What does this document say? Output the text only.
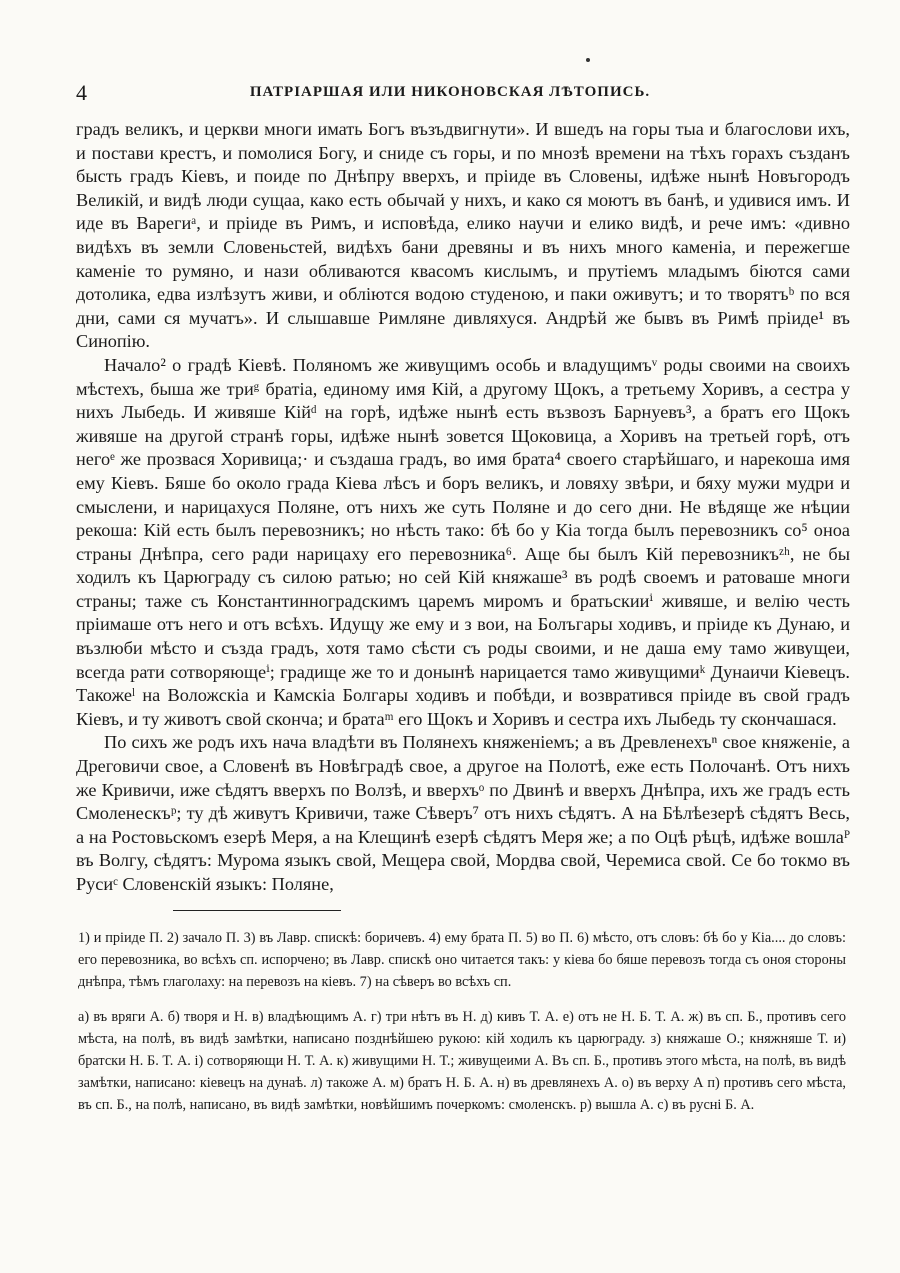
4	ПАТРІАРШАЯ ИЛИ НИКОНОВСКАЯ ЛѢТОПИСЬ.

градъ великъ, и церкви многи имать Богъ възъдвигнути». И вшедъ на горы тыа и благослови ихъ, и постави крестъ, и помолися Богу, и сниде съ горы, и по мнозѣ времени на тѣхъ горахъ създанъ бысть градъ Кіевъ, и поиде по Днѣпру вверхъ, и пріиде въ Словены, идѣже нынѣ Новъгородъ Великій, и видѣ люди сущаа, како есть обычай у нихъ, и како ся моютъ въ банѣ, и удивися имъ. И иде въ Варегиᵃ, и пріиде въ Римъ, и исповѣда, елико научи и елико видѣ, и рече имъ: «дивно видѣхъ въ земли Словеньстей, видѣхъ бани древяны и въ нихъ много каменіа, и пережегше каменіе то румяно, и нази обливаются квасомъ кислымъ, и прутіемъ младымъ біются сами дотолика, едва излѣзутъ живи, и обліются водою студеною, и паки оживутъ; и то творятъᵇ по вся дни, сами ся мучатъ». И слышавше Римляне дивляхуся. Андрѣй же бывъ въ Римѣ пріиде¹ въ Синопію.

Начало² о градѣ Кіевѣ. Поляномъ же живущимъ особь и владущимъᵛ роды своими на своихъ мѣстехъ, быша же триᵍ братіа, единому имя Кій, а другому Щокъ, а третьему Хоривъ, а сестра у нихъ Лыбедь. И живяше Кійᵈ на горѣ, идѣже нынѣ есть възвозъ Барнуевъ³, а братъ его Щокъ живяше на другой странѣ горы, идѣже нынѣ зовется Щоковица, а Хоривъ на третьей горѣ, отъ негоᵉ же прозвася Хоривица;· и създаша градъ, во имя брата⁴ своего старѣйшаго, и нарекоша имя ему Кіевъ. Бяше бо около града Кіева лѣсъ и боръ великъ, и ловяху звѣри, и бяху мужи мудри и смыслени, и нарицахуся Поляне, отъ нихъ же суть Поляне и до сего дни. Не вѣдяще же нѣции рекоша: Кій есть былъ перевозникъ; но нѣсть тако: бѣ бо у Кіа тогда былъ перевозникъ со⁵ оноа страны Днѣпра, сего ради нарицаху его перевозника⁶. Аще бы былъ Кій перевозникъᶻʰ, не бы ходилъ къ Царюграду съ силою ратью; но сей Кій княжаше³ въ родѣ своемъ и ратоваше многи страны; таже съ Константинноградскимъ царемъ миромъ и братьскииⁱ живяше, и велію честь пріимаше отъ него и отъ всѣхъ. Идущу же ему и з вои, на Болъгары ходивъ, и пріиде къ Дунаю, и възлюби мѣсто и създа градъ, хотя тамо сѣсти съ роды своими, и не даша ему тамо живущеи, всегда рати сотворяющеⁱ; градище же то и донынѣ нарицается тамо живущимиᵏ Дунаичи Кіевецъ. Такожеˡ на Воложскіа и Камскіа Болгары ходивъ и побѣди, и возвратився пріиде въ свой градъ Кіевъ, и ту животъ свой скончa; и братаᵐ его Щокъ и Хоривъ и сестра ихъ Лыбедь ту скончашася.

По сихъ же родъ ихъ нача владѣти въ Полянехъ княженіемъ; а въ Древленехъⁿ свое княженіе, а Дреговичи свое, а Словенѣ въ Новѣградѣ свое, а другое на Полотѣ, еже есть Полочанѣ. Отъ нихъ же Кривичи, иже сѣдятъ вверхъ по Волзѣ, и вверхъᵒ по Двинѣ и вверхъ Днѣпра, ихъ же градъ есть Смоленескъᵖ; ту дѣ живутъ Кривичи, таже Сѣверъ⁷ отъ нихъ сѣдятъ. А на Бѣлѣезерѣ сѣдятъ Весь, а на Ростовьскомъ езерѣ Меря, а на Клещинѣ езерѣ сѣдятъ Меря же; а по Оцѣ рѣцѣ, идѣже вошлаᴾ въ Волгу, сѣдятъ: Мурома языкъ свой, Мещера свой, Мордва свой, Черемиса свой. Се бо токмо въ Русиᶜ Словенскій языкъ: Поляне,

1) и пріиде П. 2) зачало П. 3) въ Лавр. спискѣ: боричевъ. 4) ему брата П. 5) во П. 6) мѣсто, отъ словъ: бѣ бо у Кіа.... до словъ: его перевозника, во всѣхъ сп. испорчено; въ Лавр. спискѣ оно читается такъ: у кіева бо бяше перевозъ тогда съ оноя стороны днѣпра, тѣмъ глаголаху: на перевозъ на кіевъ. 7) на сѣверъ во всѣхъ сп.

а) въ вряги А. б) творя и Н. в) владѣющимъ А. г) три нѣтъ въ Н. д) кивъ Т. А. е) отъ не Н. Б. Т. А. ж) въ сп. Б., противъ сего мѣста, на полѣ, въ видѣ замѣтки, написано позднѣйшею рукою: кій ходилъ къ царюграду. з) княжаше О.; княжняше Т. и) братски Н. Б. Т. А. і) сотворяющи Н. Т. А. к) живущими Н. Т.; живущеими А. Въ сп. Б., противъ этого мѣста, на полѣ, въ видѣ замѣтки, написано: кіевецъ на дунаѣ. л) такоже А. м) братъ Н. Б. А. н) въ древлянехъ А. о) въ верху А п) противъ сего мѣста, въ сп. Б., на полѣ, написано, въ видѣ замѣтки, новѣйшимъ почеркомъ: смоленскъ. р) вышла А. с) въ русні Б. А.
